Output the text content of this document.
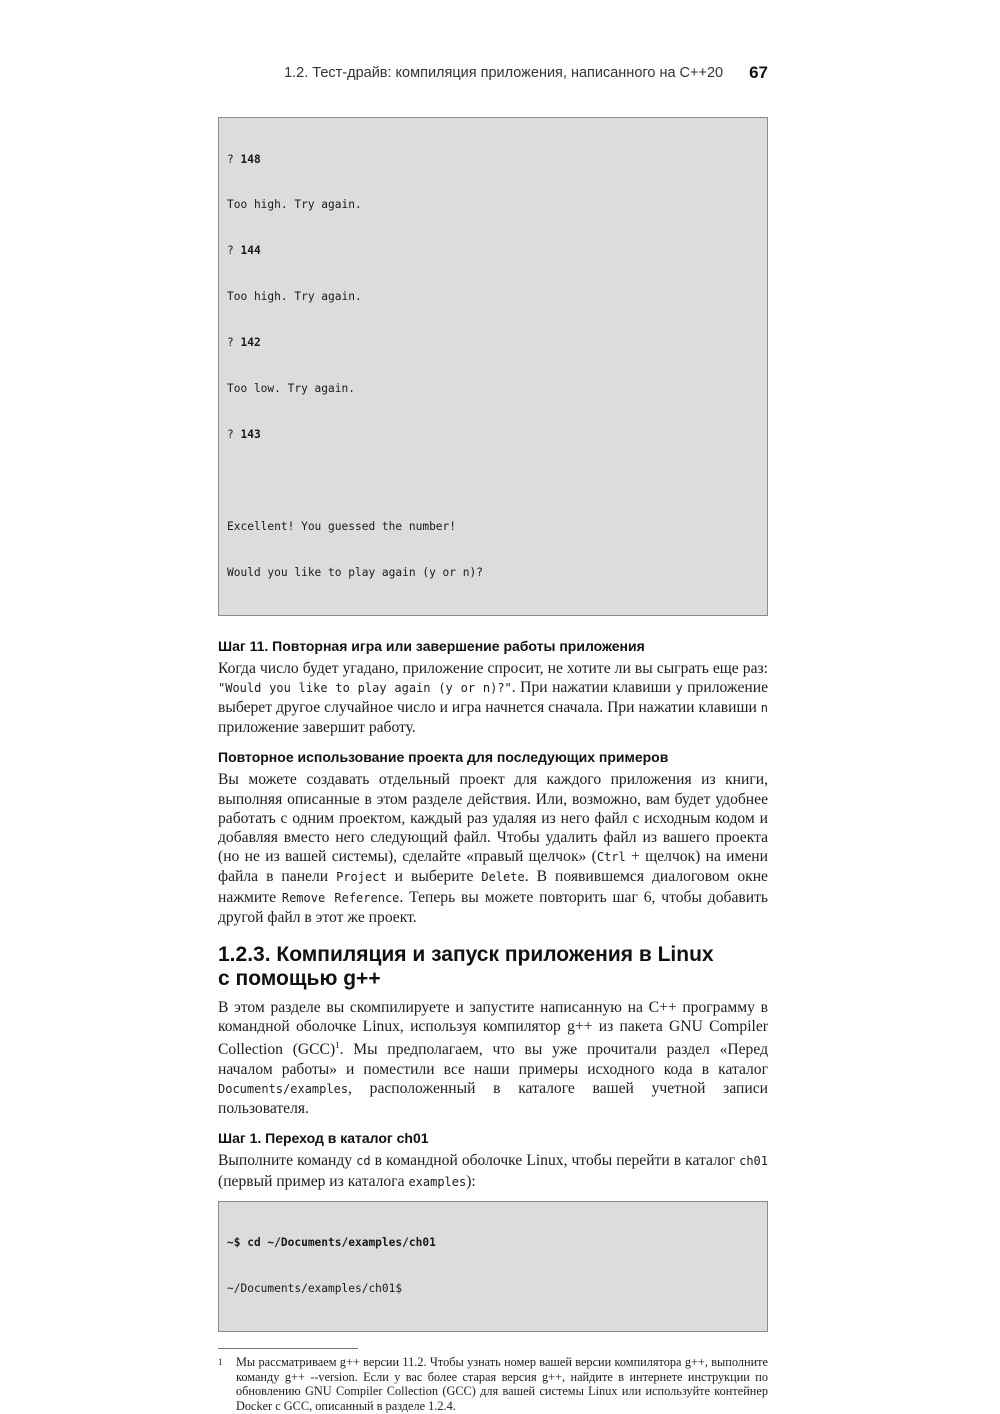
1.2. Тест-драйв: компиляция приложения, написанного на C++20 67

? 148

Too high. Try again.

? 144

Too high. Try again.

? 142

Too low. Try again.

? 143

Excellent! You guessed the number!

Would you like to play again (y or n)?

Шаг 11. Повторная игра или завершение работы приложения

Когда число будет угадано, приложение спросит, не хотите ли вы сыграть еще раз: "Would you like to play again (y or n)?". При нажатии клавиши y приложение выберет другое случайное число и игра начнется сначала. При нажатии клавиши n приложение завершит работу.

Повторное использование проекта для последующих примеров

Вы можете создавать отдельный проект для каждого приложения из книги, выполняя описанные в этом разделе действия. Или, возможно, вам будет удобнее работать с одним проектом, каждый раз удаляя из него файл с исходным кодом и добавляя вместо него следующий файл. Чтобы удалить файл из вашего проекта (но не из вашей системы), сделайте «правый щелчок» (Ctrl + щелчок) на имени файла в панели Project и выберите Delete. В появившемся диалоговом окне нажмите Remove Reference. Теперь вы можете повторить шаг 6, чтобы добавить другой файл в этот же проект.

1.2.3. Компиляция и запуск приложения в Linux
с помощью g++

В этом разделе вы скомпилируете и запустите написанную на C++ программу в командной оболочке Linux, используя компилятор g++ из пакета GNU Compiler Collection (GCC)$^1$. Мы предполагаем, что вы уже прочитали раздел «Перед началом работы» и поместили все наши примеры исходного кода в каталог Documents/examples, расположенный в каталоге вашей учетной записи пользователя.

Шаг 1. Переход в каталог ch01

Выполните команду cd в командной оболочке Linux, чтобы перейти в каталог ch01 (первый пример из каталога examples):

~$ cd ~/Documents/examples/ch01

~/Documents/examples/ch01$

1	Мы рассматриваем g++ версии 11.2. Чтобы узнать номер вашей версии компилятора g++, выполните команду g++ --version. Если у вас более старая версия g++, найдите в интернете инструкции по обновлению GNU Compiler Collection (GCC) для вашей системы Linux или используйте контейнер Docker с GCC, описанный в разделе 1.2.4.
